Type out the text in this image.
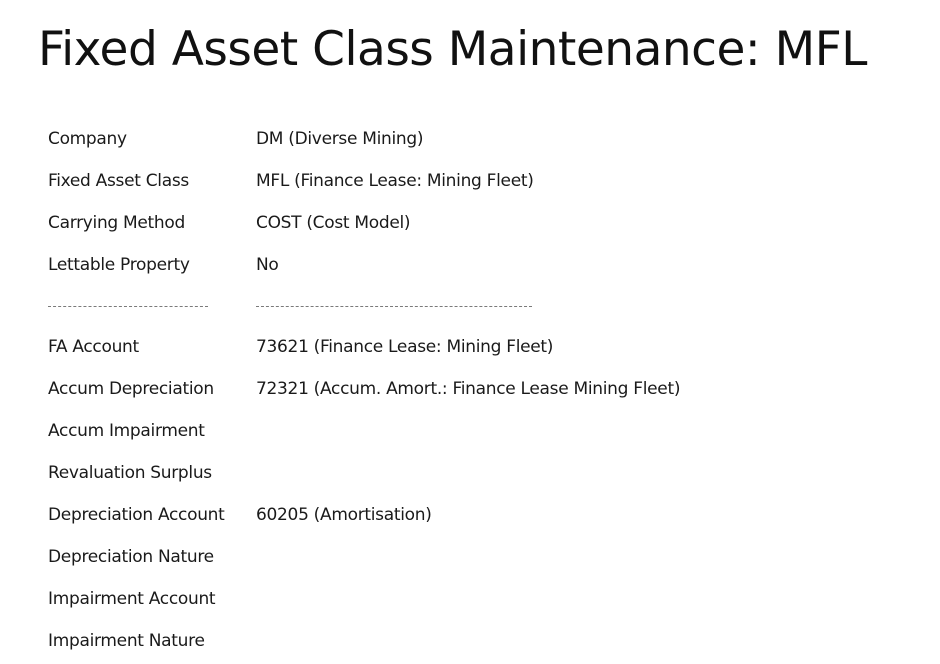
Fixed Asset Class Maintenance: MFL
Company	DM (Diverse Mining)
Fixed Asset Class	MFL (Finance Lease: Mining Fleet)
Carrying Method	COST (Cost Model)
Lettable Property	No
FA Account	73621 (Finance Lease: Mining Fleet)
Accum Depreciation	72321 (Accum. Amort.: Finance Lease Mining Fleet)
Accum Impairment
Revaluation Surplus
Depreciation Account	60205 (Amortisation)
Depreciation Nature
Impairment Account
Impairment Nature
